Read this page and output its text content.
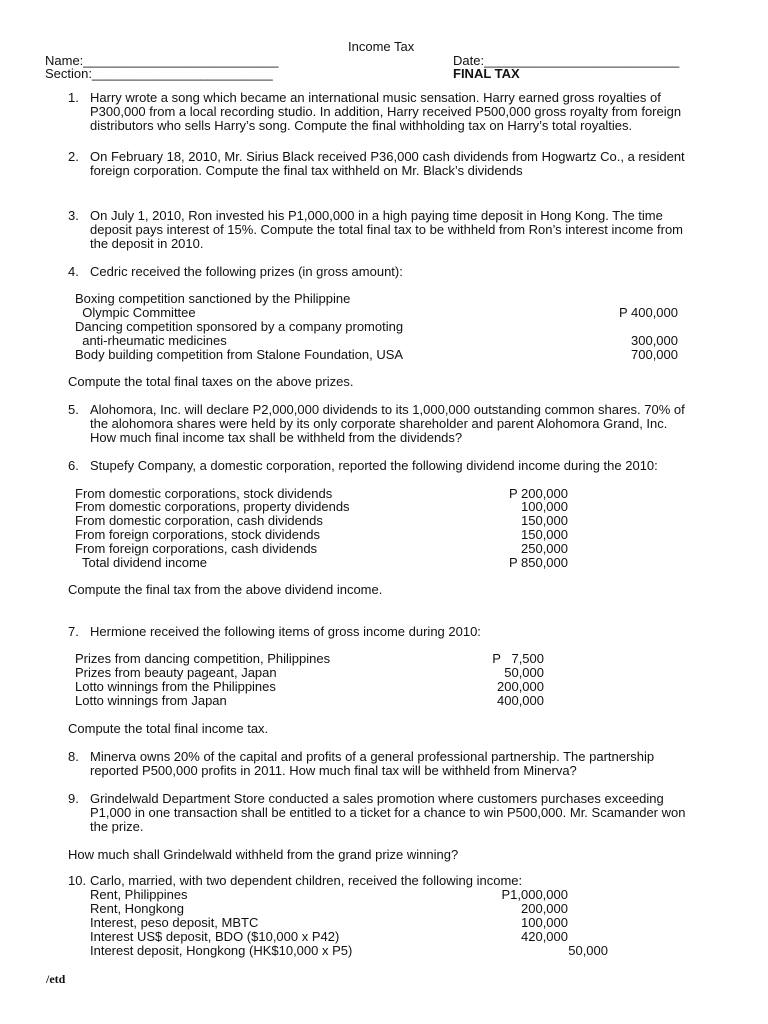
Income Tax
Name:___________________________	Date:___________________________
Section:_________________________	FINAL TAX
1. Harry wrote a song which became an international music sensation. Harry earned gross royalties of
P300,000 from a local recording studio. In addition, Harry received P500,000 gross royalty from foreign
distributors who sells Harry’s song. Compute the final withholding tax on Harry’s total royalties.
2. On February 18, 2010, Mr. Sirius Black received P36,000 cash dividends from Hogwartz Co., a resident
foreign corporation. Compute the final tax withheld on Mr. Black’s dividends
3. On July 1, 2010, Ron invested his P1,000,000 in a high paying time deposit in Hong Kong. The time
deposit pays interest of 15%. Compute the total final tax to be withheld from Ron’s interest income from
the deposit in 2010.
4. Cedric received the following prizes (in gross amount):
Boxing competition sanctioned by the Philippine
Olympic Committee	P 400,000
Dancing competition sponsored by a company promoting
anti-rheumatic medicines	300,000
Body building competition from Stalone Foundation, USA	700,000
Compute the total final taxes on the above prizes.
5. Alohomora, Inc. will declare P2,000,000 dividends to its 1,000,000 outstanding common shares. 70% of
the alohomora shares were held by its only corporate shareholder and parent Alohomora Grand, Inc.
How much final income tax shall be withheld from the dividends?
6. Stupefy Company, a domestic corporation, reported the following dividend income during the 2010:
From domestic corporations, stock dividends	P 200,000
From domestic corporations, property dividends	100,000
From domestic corporation, cash dividends	150,000
From foreign corporations, stock dividends	150,000
From foreign corporations, cash dividends	250,000
Total dividend income	P 850,000
Compute the final tax from the above dividend income.
7. Hermione received the following items of gross income during 2010:
Prizes from dancing competition, Philippines	P   7,500
Prizes from beauty pageant, Japan	50,000
Lotto winnings from the Philippines	200,000
Lotto winnings from Japan	400,000
Compute the total final income tax.
8. Minerva owns 20% of the capital and profits of a general professional partnership. The partnership
reported P500,000 profits in 2011. How much final tax will be withheld from Minerva?
9. Grindelwald Department Store conducted a sales promotion where customers purchases exceeding
P1,000 in one transaction shall be entitled to a ticket for a chance to win P500,000. Mr. Scamander won
the prize.
How much shall Grindelwald withheld from the grand prize winning?
10. Carlo, married, with two dependent children, received the following income:
Rent, Philippines	P1,000,000
Rent, Hongkong	200,000
Interest, peso deposit, MBTC	100,000
Interest US$ deposit, BDO ($10,000 x P42)	420,000
Interest deposit, Hongkong (HK$10,000 x P5)	50,000
/etd
